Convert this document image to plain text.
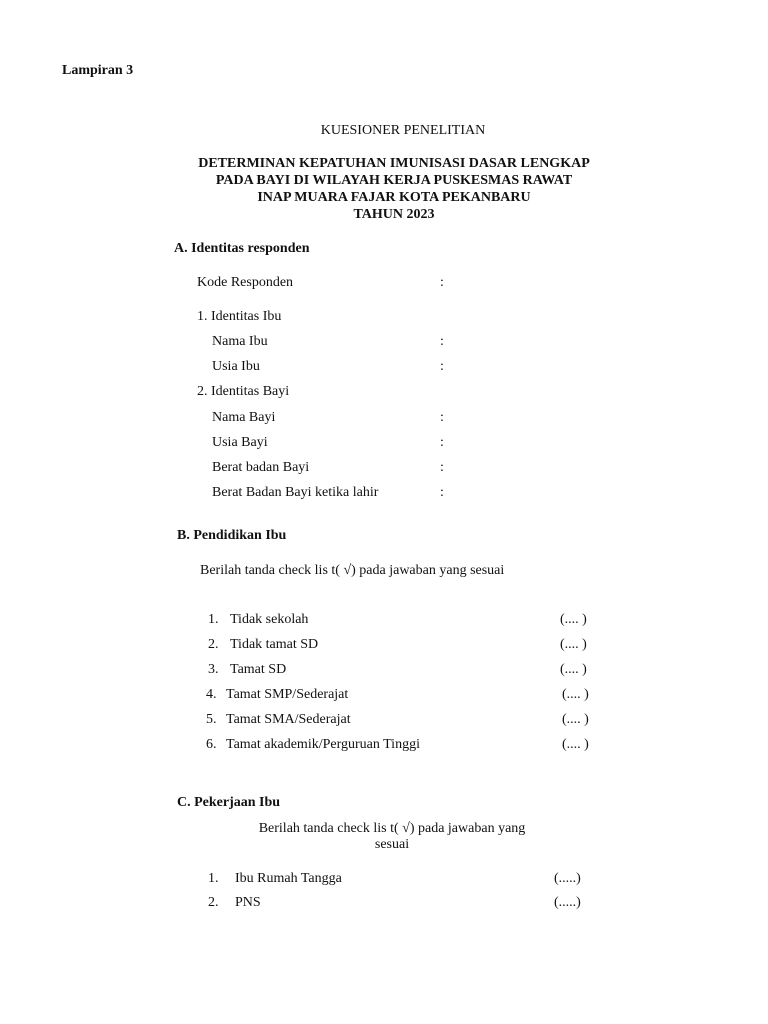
Lampiran 3
KUESIONER PENELITIAN
DETERMINAN KEPATUHAN IMUNISASI DASAR LENGKAP
PADA BAYI DI WILAYAH KERJA PUSKESMAS RAWAT
INAP MUARA FAJAR KOTA PEKANBARU
TAHUN 2023
A. Identitas responden
Kode Responden	:
1. Identitas Ibu
Nama Ibu	:
Usia Ibu	:
2. Identitas Bayi
Nama Bayi	:
Usia Bayi	:
Berat badan Bayi	:
Berat Badan Bayi ketika lahir	:
B. Pendidikan Ibu
Berilah tanda check lis t( √) pada jawaban yang sesuai
1. Tidak sekolah	(.... )
2. Tidak tamat SD	(.... )
3. Tamat SD	(.... )
4. Tamat SMP/Sederajat	(.... )
5. Tamat SMA/Sederajat	(.... )
6. Tamat akademik/Perguruan Tinggi	(.... )
C. Pekerjaan Ibu
Berilah tanda check lis t( √) pada jawaban yang
sesuai
1. Ibu Rumah Tangga	(.....)
2. PNS	(.....)
